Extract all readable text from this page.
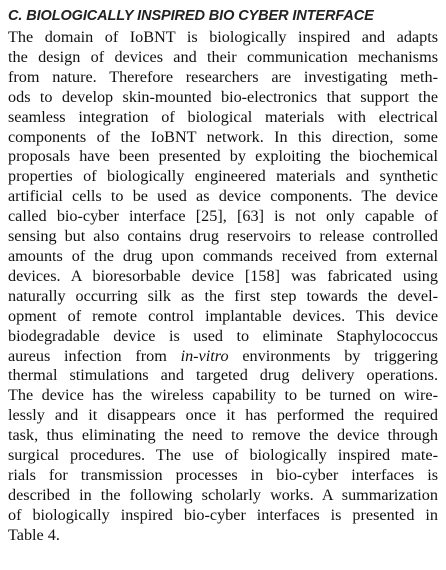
C. BIOLOGICALLY INSPIRED BIO CYBER INTERFACE

The domain of IoBNT is biologically inspired and adapts
the design of devices and their communication mechanisms
from nature. Therefore researchers are investigating meth-
ods to develop skin-mounted bio-electronics that support the
seamless integration of biological materials with electrical
components of the IoBNT network. In this direction, some
proposals have been presented by exploiting the biochemical
properties of biologically engineered materials and synthetic
artificial cells to be used as device components. The device
called bio-cyber interface [25], [63] is not only capable of
sensing but also contains drug reservoirs to release controlled
amounts of the drug upon commands received from external
devices. A bioresorbable device [158] was fabricated using
naturally occurring silk as the first step towards the devel-
opment of remote control implantable devices. This device
biodegradable device is used to eliminate Staphylococcus
aureus infection from in-vitro environments by triggering
thermal stimulations and targeted drug delivery operations.
The device has the wireless capability to be turned on wire-
lessly and it disappears once it has performed the required
task, thus eliminating the need to remove the device through
surgical procedures. The use of biologically inspired mate-
rials for transmission processes in bio-cyber interfaces is
described in the following scholarly works. A summarization
of biologically inspired bio-cyber interfaces is presented in
Table 4.
